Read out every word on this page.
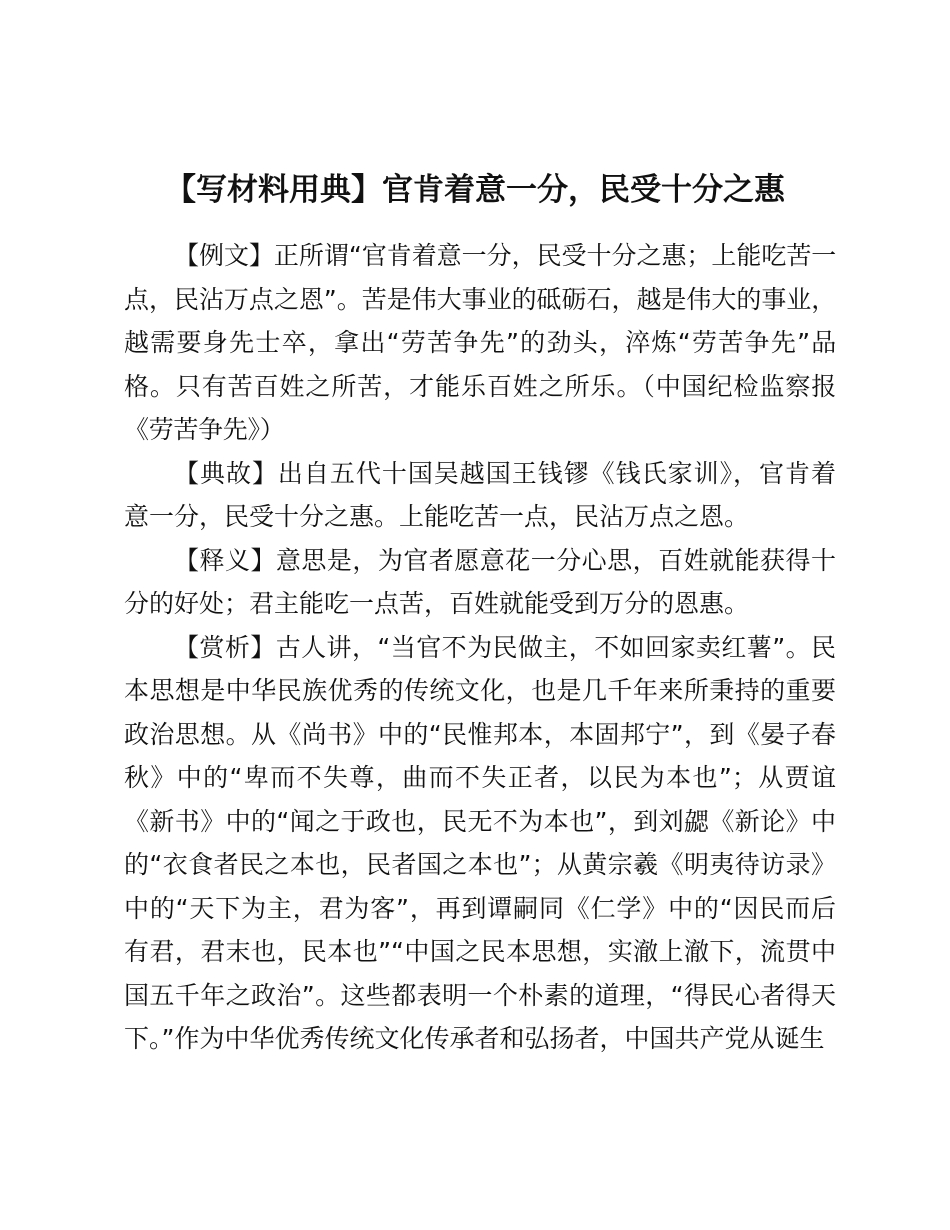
【写材料用典】官肯着意一分，民受十分之惠

【例文】正所谓“官肯着意一分，民受十分之惠；上能吃苦一点，民沾万点之恩”。苦是伟大事业的砥砺石，越是伟大的事业，越需要身先士卒，拿出“劳苦争先”的劲头，淬炼“劳苦争先”品格。只有苦百姓之所苦，才能乐百姓之所乐。（中国纪检监察报《劳苦争先》）

【典故】出自五代十国吴越国王钱镠《钱氏家训》，官肯着意一分，民受十分之惠。上能吃苦一点，民沾万点之恩。

【释义】意思是，为官者愿意花一分心思，百姓就能获得十分的好处；君主能吃一点苦，百姓就能受到万分的恩惠。

【赏析】古人讲，“当官不为民做主，不如回家卖红薯”。民本思想是中华民族优秀的传统文化，也是几千年来所秉持的重要政治思想。从《尚书》中的“民惟邦本，本固邦宁”，到《晏子春秋》中的“卑而不失尊，曲而不失正者，以民为本也”；从贾谊《新书》中的“闻之于政也，民无不为本也”，到刘勰《新论》中的“衣食者民之本也，民者国之本也”；从黄宗羲《明夷待访录》中的“天下为主，君为客”，再到谭嗣同《仁学》中的“因民而后有君，君末也，民本也”“中国之民本思想，实澈上澈下，流贯中国五千年之政治”。这些都表明一个朴素的道理，“得民心者得天下。”作为中华优秀传统文化传承者和弘扬者，中国共产党从诞生
